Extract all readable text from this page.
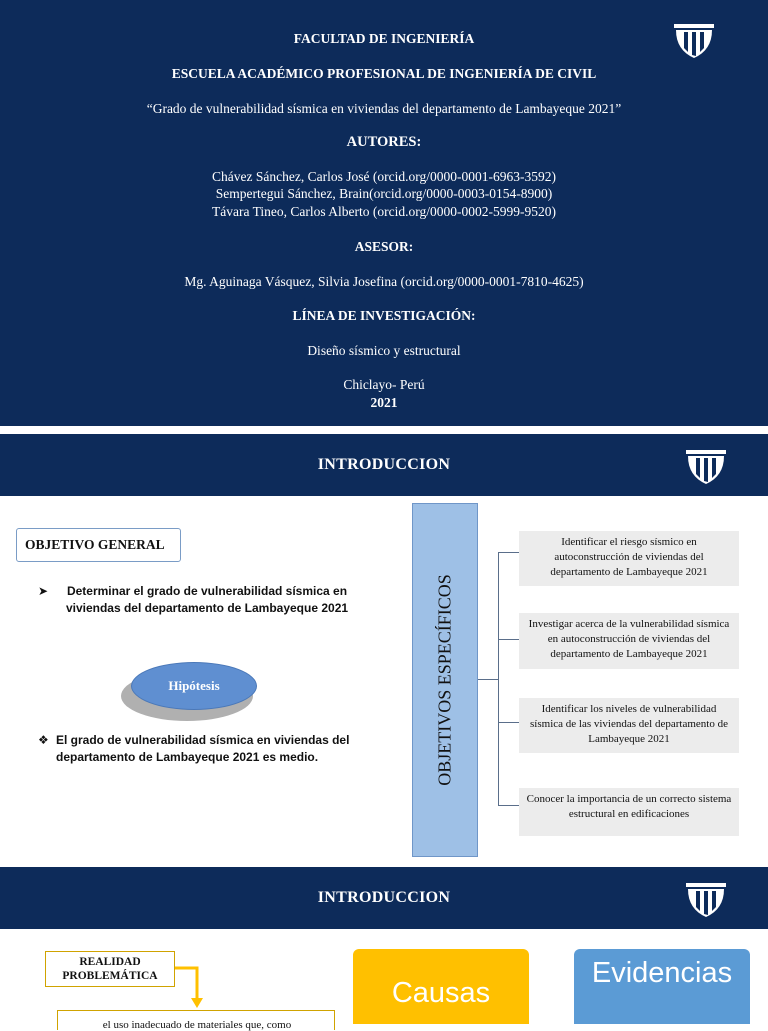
FACULTAD DE INGENIERÍA
ESCUELA ACADÉMICO PROFESIONAL DE INGENIERÍA DE CIVIL
“Grado de vulnerabilidad sísmica en viviendas del departamento de Lambayeque 2021”
AUTORES:
Chávez Sánchez, Carlos José (orcid.org/0000-0001-6963-3592)
Sempertegui Sánchez, Brain(orcid.org/0000-0003-0154-8900)
Távara Tineo, Carlos Alberto (orcid.org/0000-0002-5999-9520)
ASESOR:
Mg. Aguinaga Vásquez, Silvia Josefina (orcid.org/0000-0001-7810-4625)
LÍNEA DE INVESTIGACIÓN:
Diseño sísmico y estructural
Chiclayo- Perú
2021
INTRODUCCION
OBJETIVO GENERAL
➤	Determinar el grado de vulnerabilidad sísmica en viviendas del departamento de Lambayeque 2021
Hipótesis
❖ El grado de vulnerabilidad sísmica en viviendas del departamento de Lambayeque 2021 es medio.	OBJETIVOS ESPECÍFICOS
Identificar el riesgo sísmico en autoconstrucción de viviendas del departamento de Lambayeque 2021
Investigar acerca de la vulnerabilidad sísmica en autoconstrucción de viviendas del departamento de Lambayeque 2021
Identificar los niveles de vulnerabilidad sísmica de las viviendas del departamento de Lambayeque 2021
Conocer la importancia de un correcto sistema estructural en edificaciones
INTRODUCCION
REALIDAD PROBLEMÁTICA
el uso inadecuado de materiales que, como
Causas
Evidencias
